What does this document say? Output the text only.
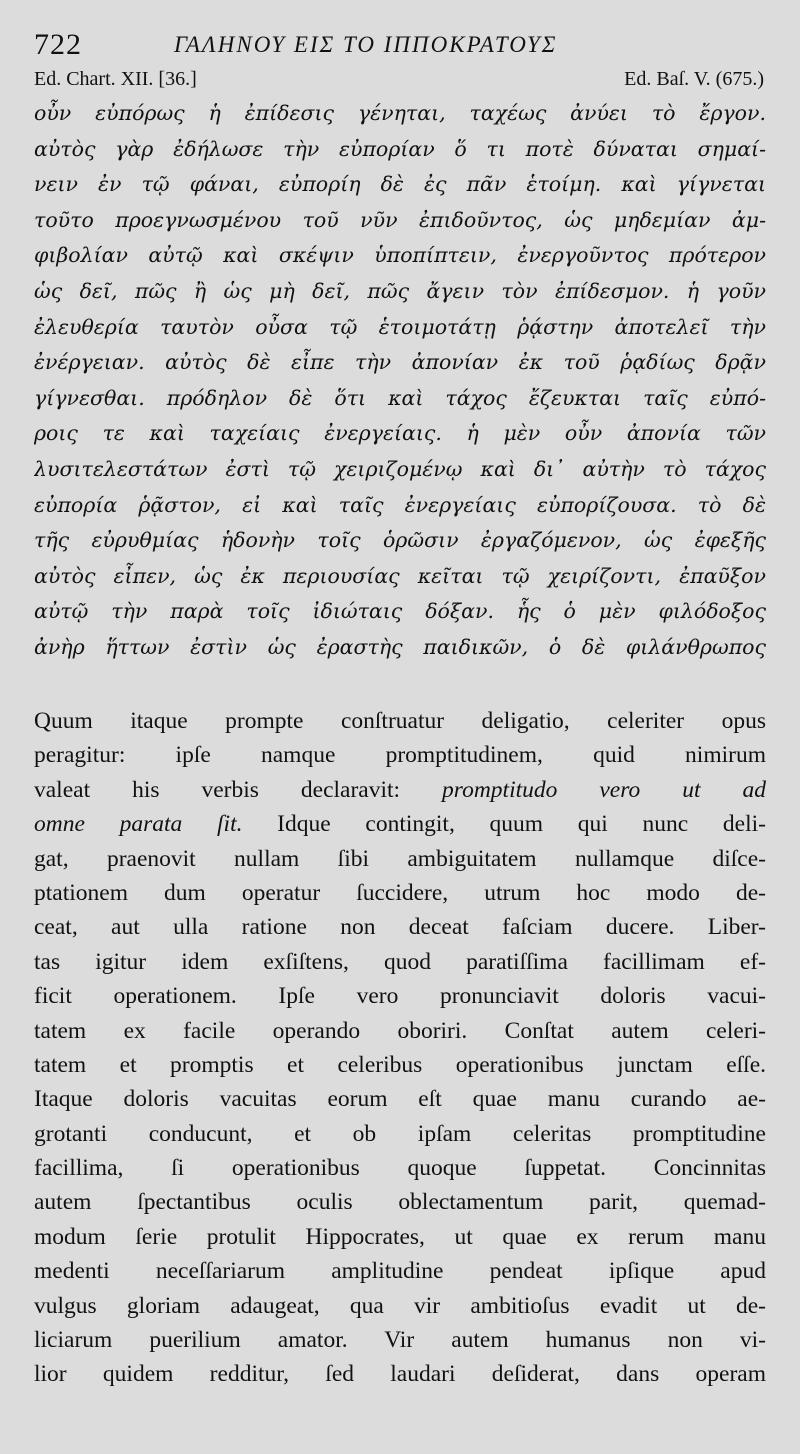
722	ΓΑΛΗΝΟΥ ΕΙΣ ΤΟ ΙΠΠΟΚΡΑΤΟΥΣ
Ed. Chart. XII. [36.]	Ed. Baſ. V. (675.)
οὖν εὐπόρως ἡ ἐπίδεσις γένηται, ταχέως ἀνύει τὸ ἔργον.
αὐτὸς γὰρ ἐδήλωσε τὴν εὐπορίαν ὅ τι ποτὲ δύναται σημαί-
νειν ἐν τῷ φάναι, εὐπορίη δὲ ἐς πᾶν ἑτοίμη. καὶ γίγνεται
τοῦτο προεγνωσμένου τοῦ νῦν ἐπιδοῦντος, ὡς μηδεμίαν ἀμ-
φιβολίαν αὐτῷ καὶ σκέψιν ὑποπίπτειν, ἐνεργοῦντος πρότερον
ὡς δεῖ, πῶς ἢ ὡς μὴ δεῖ, πῶς ἄγειν τὸν ἐπίδεσμον. ἡ γοῦν
ἐλευθερία ταυτὸν οὖσα τῷ ἑτοιμοτάτῃ ῥᾴστην ἀποτελεῖ τὴν
ἐνέργειαν. αὐτὸς δὲ εἶπε τὴν ἀπονίαν ἐκ τοῦ ῥᾳδίως δρᾷν
γίγνεσθαι. πρόδηλον δὲ ὅτι καὶ τάχος ἔζευκται ταῖς εὐπό-
ροις τε καὶ ταχείαις ἐνεργείαις. ἡ μὲν οὖν ἀπονία τῶν
λυσιτελεστάτων ἐστὶ τῷ χειριζομένῳ καὶ δι᾽ αὐτὴν τὸ τάχος
εὐπορία ῥᾷστον, εἰ καὶ ταῖς ἐνεργείαις εὐπορίζουσα. τὸ δὲ
τῆς εὐρυθμίας ἡδονὴν τοῖς ὁρῶσιν ἐργαζόμενον, ὡς ἐφεξῆς
αὐτὸς εἶπεν, ὡς ἐκ περιουσίας κεῖται τῷ χειρίζοντι, ἐπαῦξον
αὐτῷ τὴν παρὰ τοῖς ἰδιώταις δόξαν. ἧς ὁ μὲν φιλόδοξος
ἀνὴρ ἥττων ἐστὶν ὡς ἐραστὴς παιδικῶν, ὁ δὲ φιλάνθρωπος
Quum itaque prompte conſtruatur deligatio, celeriter opus
peragitur: ipſe namque promptitudinem, quid nimirum
valeat his verbis declaravit: promptitudo vero ut ad
omne parata ſit. Idque contingit, quum qui nunc deli-
gat, praenovit nullam ſibi ambiguitatem nullamque diſce-
ptationem dum operatur ſuccidere, utrum hoc modo de-
ceat, aut ulla ratione non deceat faſciam ducere. Liber-
tas igitur idem exſiſtens, quod paratiſſima facillimam ef-
ficit operationem. Ipſe vero pronunciavit doloris vacui-
tatem ex facile operando oboriri. Conſtat autem celeri-
tatem et promptis et celeribus operationibus junctam eſſe.
Itaque doloris vacuitas eorum eſt quae manu curando ae-
grotanti conducunt, et ob ipſam celeritas promptitudine
facillima, ſi operationibus quoque ſuppetat. Concinnitas
autem ſpectantibus oculis oblectamentum parit, quemad-
modum ſerie protulit Hippocrates, ut quae ex rerum manu
medenti neceſſariarum amplitudine pendeat ipſique apud
vulgus gloriam adaugeat, qua vir ambitioſus evadit ut de-
liciarum puerilium amator. Vir autem humanus non vi-
lior quidem redditur, ſed laudari deſiderat, dans operam
